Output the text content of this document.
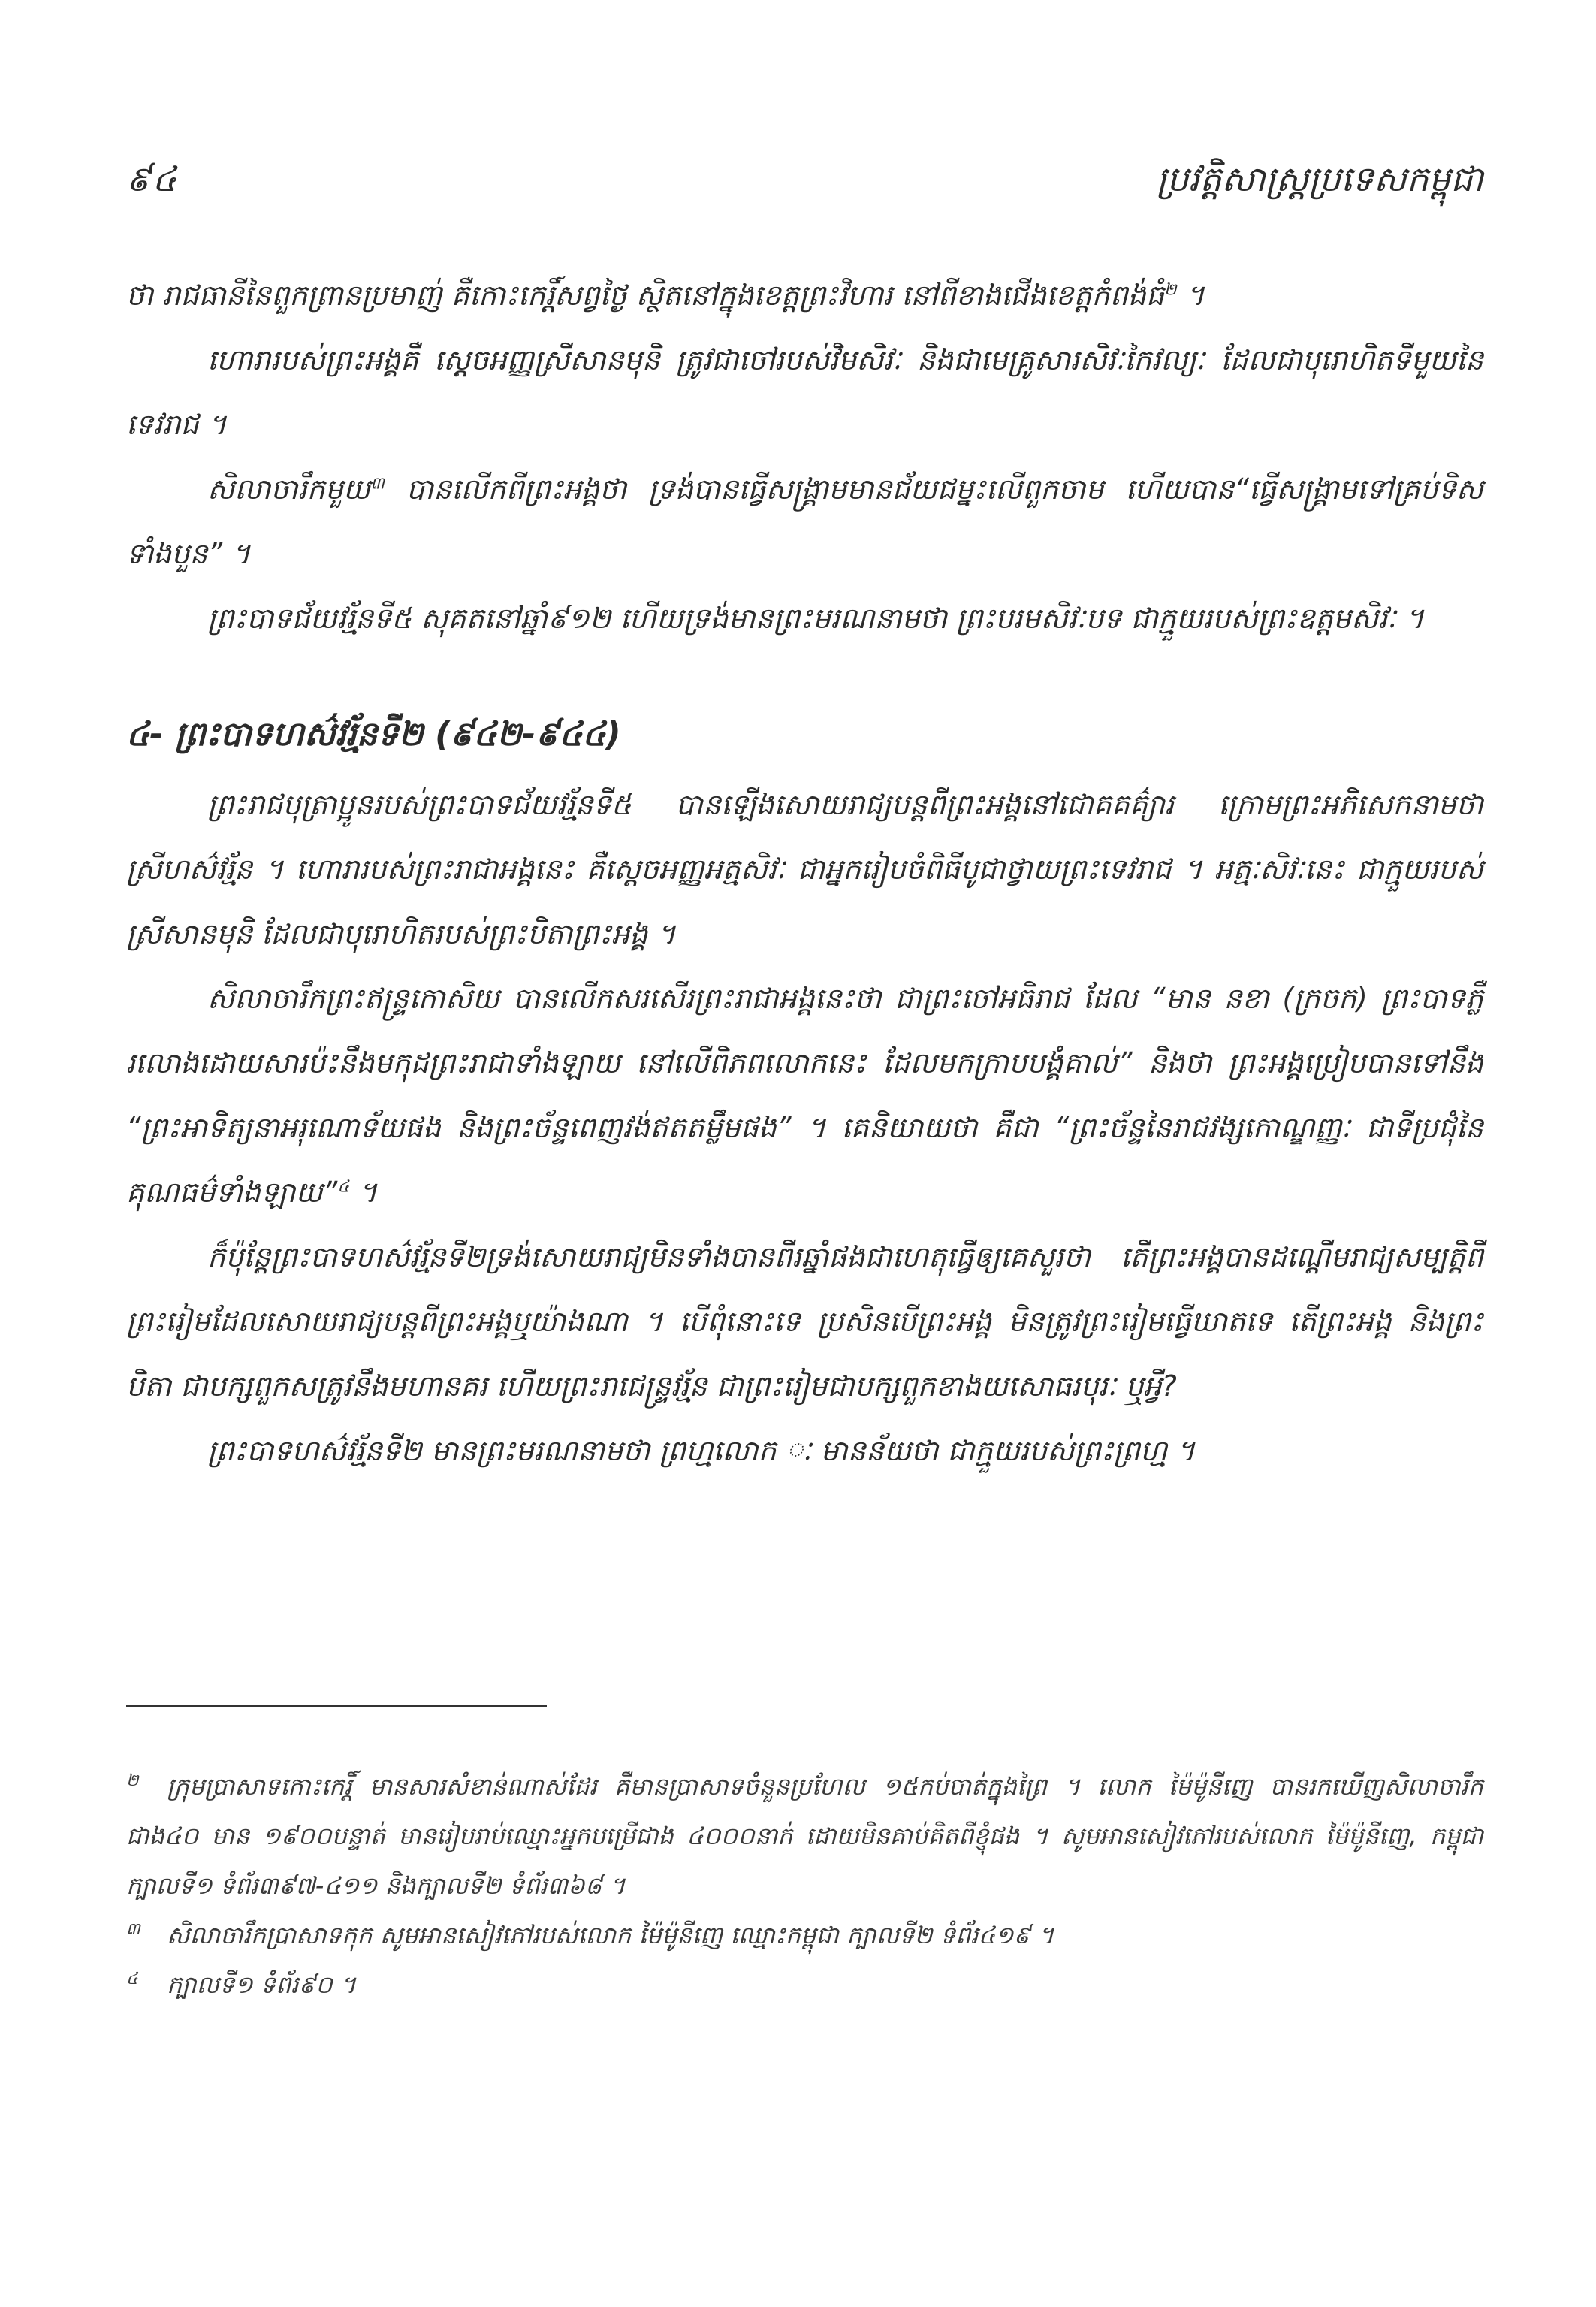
៩៤	ប្រវត្តិសាស្ត្រប្រទេសកម្ពុជា

ថា រាជធានីនៃពួកព្រានប្រមាញ់ គឺកោះកេរ្តិ៍សព្វថ្ងៃ ស្ថិតនៅក្នុងខេត្តព្រះវិហារ នៅពីខាងជើងខេត្តកំពង់ធំ$^២$ ។

ហោរារបស់ព្រះអង្គគឺ ស្តេចអញ្ញស្រីសានមុនិ ត្រូវជាចៅរបស់វិមសិវៈ និងជាមេគ្រូសារសិវៈកៃវល្យៈ ដែលជាបុរោហិតទីមួយនៃទេវរាជ ។

សិលាចារឹកមួយ$^៣$ បានលើកពីព្រះអង្គថា ទ្រង់បានធ្វើសង្គ្រាមមានជ័យជម្នះលើពួកចាម ហើយបាន“ធ្វើសង្គ្រាមទៅគ្រប់ទិសទាំងបួន” ។

ព្រះបាទជ័យវរ្ម័នទី៥ សុគតនៅឆ្នាំ៩១២ ហើយទ្រង់មានព្រះមរណនាមថា ព្រះបរមសិវៈបទ ជាក្មួយរបស់ព្រះឧត្តមសិវៈ ។

៤- ព្រះបាទហស៌វរ្ម័នទី២ (៩៤២-៩៤៤)

ព្រះរាជបុត្រាប្អូនរបស់ព្រះបាទជ័យវរ្ម័នទី៥ បានឡើងសោយរាជ្យបន្តពីព្រះអង្គនៅជោគគគ៌្យារ ក្រោមព្រះអភិសេកនាមថា ស្រីហស៌វរ្ម័ន ។ ហោរារបស់ព្រះរាជាអង្គនេះ គឺស្តេចអញ្ញអត្មសិវៈ ជាអ្នករៀបចំពិធីបូជាថ្វាយព្រះទេវរាជ ។ អត្មៈសិវៈនេះ ជាក្មួយរបស់ស្រីសានមុនិ ដែលជាបុរោហិតរបស់ព្រះបិតាព្រះអង្គ ។

សិលាចារឹកព្រះឥន្ទ្រកោសិយ បានលើកសរសើរព្រះរាជាអង្គនេះថា ជាព្រះចៅអធិរាជ ដែល “មាន នខា (ក្រចក) ព្រះបាទភ្លឺរលោងដោយសារប៉ះនឹងមកុដព្រះរាជាទាំងឡាយ នៅលើពិភពលោកនេះ ដែលមកក្រាបបង្គំគាល់” និងថា ព្រះអង្គប្រៀបបានទៅនឹង “ព្រះអាទិត្យនាអរុណោទ័យផង និងព្រះច័ន្ទពេញវង់ឥតតម្លឹមផង” ។ គេនិយាយថា គឺជា “ព្រះច័ន្ទនៃរាជវង្សកោណ្ឌញ្ញៈ ជាទីប្រជុំនៃគុណធម៌ទាំងឡាយ”$^៤$ ។

ក៏ប៉ុន្តែព្រះបាទហស៌វរ្ម័នទី២ទ្រង់សោយរាជ្យមិនទាំងបានពីរឆ្នាំផងជាហេតុធ្វើឲ្យគេសួរថា តើព្រះអង្គបានដណ្តើមរាជ្យសម្បត្តិពីព្រះរៀមដែលសោយរាជ្យបន្តពីព្រះអង្គឬយ៉ាងណា ។ បើពុំនោះទេ ប្រសិនបើព្រះអង្គ មិនត្រូវព្រះរៀមធ្វើឃាតទេ តើព្រះអង្គ និងព្រះបិតា ជាបក្សពួកសត្រូវនឹងមហានគរ ហើយព្រះរាជេន្ទ្រវរ្ម័ន ជាព្រះរៀមជាបក្សពួកខាងយសោធរបុរៈ ឬអ្វី?

ព្រះបាទហស៌វរ្ម័នទី២ មានព្រះមរណនាមថា ព្រហ្មលោក ៈ មានន័យថា ជាក្មួយរបស់ព្រះព្រហ្ម ។

២ ក្រុមប្រាសាទកោះកេរ្តិ៍ មានសារសំខាន់ណាស់ដែរ គឺមានប្រាសាទចំនួនប្រហែល ១៥កប់បាត់ក្នុងព្រៃ ។ លោក ម៉ៃម៉ូនីញេ បានរកឃើញសិលាចារឹកជាង៤០ មាន ១៩០០បន្ទាត់ មានរៀបរាប់ឈ្មោះអ្នកបម្រើជាង ៤០០០នាក់ ដោយមិនគាប់គិតពីខ្ញុំផង ។ សូមអានសៀវភៅរបស់លោក ម៉ៃម៉ូនីញេ, កម្ពុជា ក្បាលទី១ ទំព័រ៣៩៧-៤១១ និងក្បាលទី២ ទំព័រ៣៦៨ ។

៣ សិលាចារឹកប្រាសាទកុក សូមអានសៀវភៅរបស់លោក ម៉ៃម៉ូនីញេ ឈ្មោះកម្ពុជា ក្បាលទី២ ទំព័រ៤១៩ ។

៤ ក្បាលទី១ ទំព័រ៩០ ។
